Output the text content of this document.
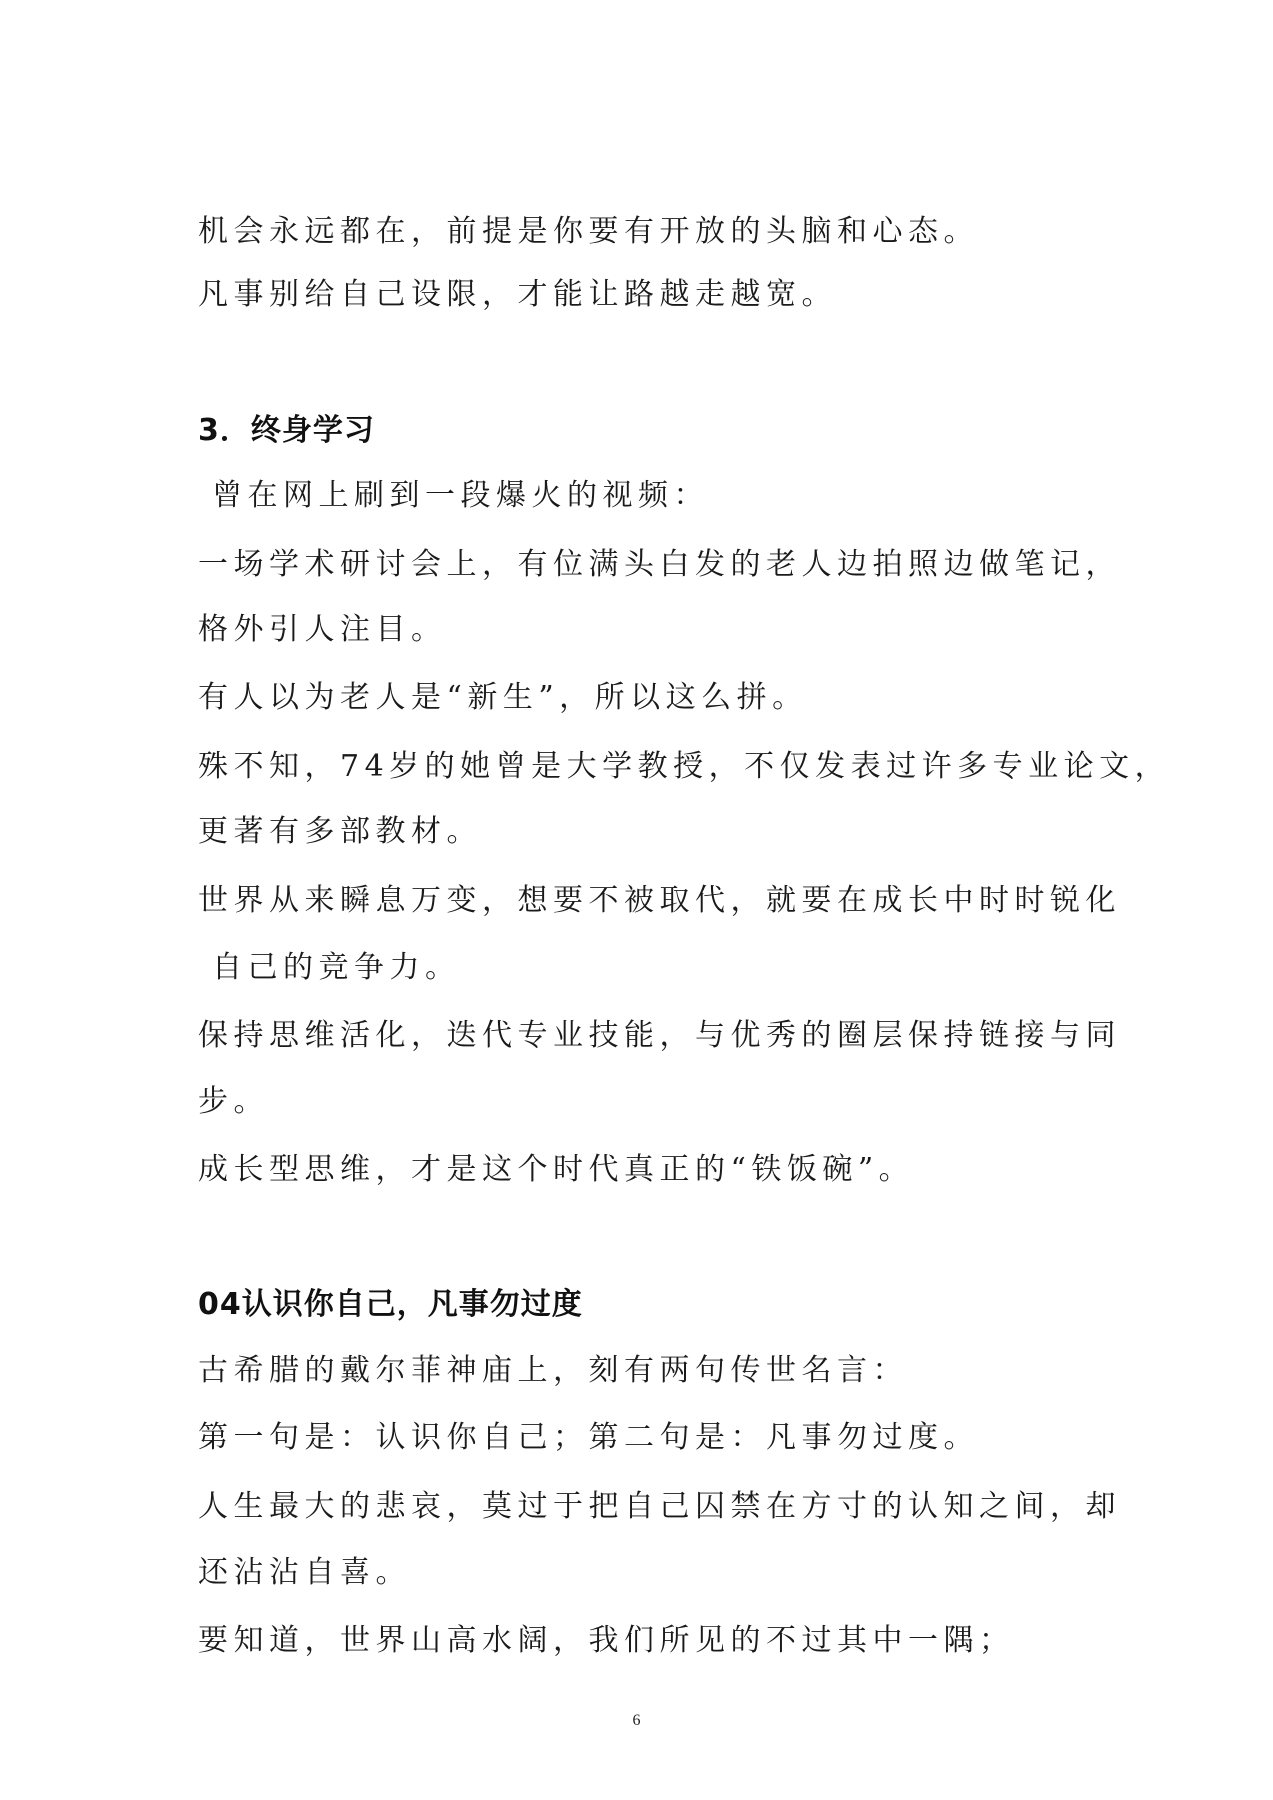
机会永远都在，前提是你要有开放的头脑和心态。
凡事别给自己设限，才能让路越走越宽。
3．终身学习
曾在网上刷到一段爆火的视频：
一场学术研讨会上，有位满头白发的老人边拍照边做笔记，
格外引人注目。
有人以为老人是“新生”，所以这么拼。
殊不知，74岁的她曾是大学教授，不仅发表过许多专业论文，
更著有多部教材。
世界从来瞬息万变，想要不被取代，就要在成长中时时锐化
自己的竞争力。
保持思维活化，迭代专业技能，与优秀的圈层保持链接与同
步。
成长型思维，才是这个时代真正的“铁饭碗”。
04认识你自己，凡事勿过度
古希腊的戴尔菲神庙上，刻有两句传世名言：
第一句是：认识你自己；第二句是：凡事勿过度。
人生最大的悲哀，莫过于把自己囚禁在方寸的认知之间，却
还沾沾自喜。
要知道，世界山高水阔，我们所见的不过其中一隅；
6
